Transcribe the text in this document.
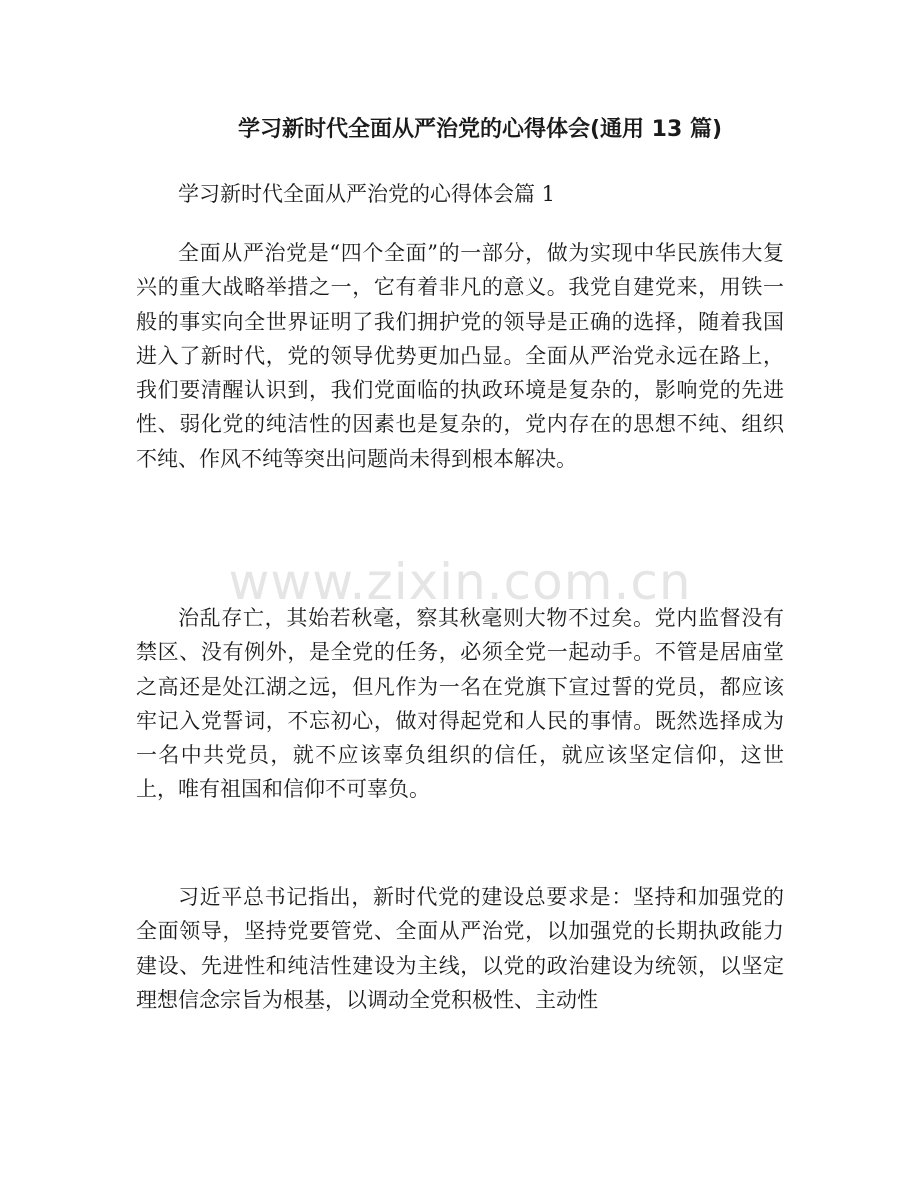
学习新时代全面从严治党的心得体会(通用 13 篇)

学习新时代全面从严治党的心得体会篇 1

全面从严治党是“四个全面”的一部分，做为实现中华民族伟大复兴的重大战略举措之一，它有着非凡的意义。我党自建党来，用铁一般的事实向全世界证明了我们拥护党的领导是正确的选择，随着我国进入了新时代，党的领导优势更加凸显。全面从严治党永远在路上，我们要清醒认识到，我们党面临的执政环境是复杂的，影响党的先进性、弱化党的纯洁性的因素也是复杂的，党内存在的思想不纯、组织不纯、作风不纯等突出问题尚未得到根本解决。

治乱存亡，其始若秋毫，察其秋毫则大物不过矣。党内监督没有禁区、没有例外，是全党的任务，必须全党一起动手。不管是居庙堂之高还是处江湖之远，但凡作为一名在党旗下宣过誓的党员，都应该牢记入党誓词，不忘初心，做对得起党和人民的事情。既然选择成为一名中共党员，就不应该辜负组织的信任，就应该坚定信仰，这世上，唯有祖国和信仰不可辜负。

习近平总书记指出，新时代党的建设总要求是：坚持和加强党的全面领导，坚持党要管党、全面从严治党，以加强党的长期执政能力建设、先进性和纯洁性建设为主线，以党的政治建设为统领，以坚定理想信念宗旨为根基，以调动全党积极性、主动性

www.zixin.com.cn
